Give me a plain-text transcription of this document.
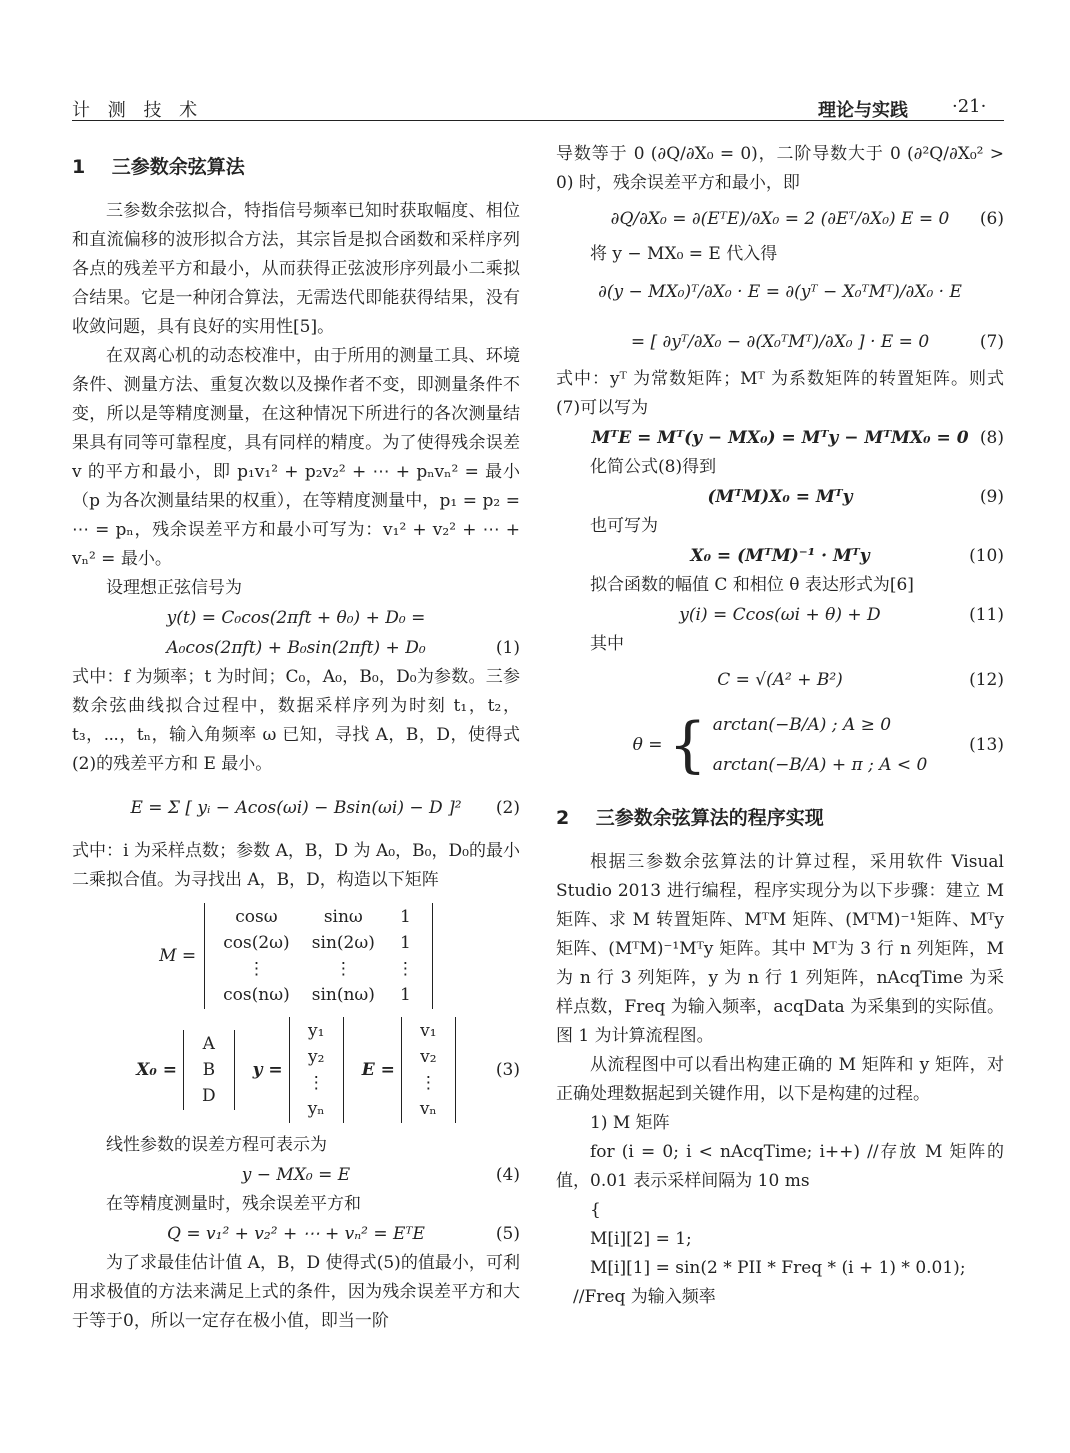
计 测 技 术	理论与实践 ·21·
1 三参数余弦算法

三参数余弦拟合，特指信号频率已知时获取幅度、相位和直流偏移的波形拟合方法，其宗旨是拟合函数和采样序列各点的残差平方和最小，从而获得正弦波形序列最小二乘拟合结果。它是一种闭合算法，无需迭代即能获得结果，没有收敛问题，具有良好的实用性[5]。

在双离心机的动态校准中，由于所用的测量工具、环境条件、测量方法、重复次数以及操作者不变，即测量条件不变，所以是等精度测量，在这种情况下所进行的各次测量结果具有同等可靠程度，具有同样的精度。为了使得残余误差 v 的平方和最小，即 p₁v₁² + p₂v₂² + ⋯ + pₙvₙ² = 最小（p 为各次测量结果的权重），在等精度测量中，p₁ = p₂ = ⋯ = pₙ，残余误差平方和最小可写为：v₁² + v₂² + ⋯ + vₙ² = 最小。

设理想正弦信号为

y(t) = C₀cos(2πft + θ₀) + D₀ =
A₀cos(2πft) + B₀sin(2πft) + D₀	(1)

式中：f 为频率；t 为时间；C₀，A₀，B₀，D₀为参数。三参数余弦曲线拟合过程中，数据采样序列为时刻 t₁，t₂，t₃，⋯，tₙ，输入角频率 ω 已知，寻找 A，B，D，使得式(2)的残差平方和 E 最小。

E = Σ [ yᵢ − Acos(ωi) − Bsin(ωi) − D ]² (2)

式中：i 为采样点数；参数 A，B，D 为 A₀，B₀，D₀的最小二乘拟合值。为寻找出 A，B，D，构造以下矩阵

M =
cosω	sinω	1
cos(2ω)	sin(2ω)	1
⋮	⋮	⋮
cos(nω)	sin(nω)	1
X₀ =
A
B
D
y =
y₁
y₂
⋮
yₙ
E =
v₁
v₂
⋮
vₙ
(3)

线性参数的误差方程可表示为

y − MX₀ = E	(4)

在等精度测量时，残余误差平方和

Q = v₁² + v₂² + ⋯ + vₙ² = EᵀE	(5)

为了求最佳估计值 A，B，D 使得式(5)的值最小，可利用求极值的方法来满足上式的条件，因为残余误差平方和大于等于0，所以一定存在极小值，即当一阶

导数等于 0 (∂Q/∂X₀ = 0)，二阶导数大于 0 (∂²Q/∂X₀² > 0) 时，残余误差平方和最小，即

∂Q/∂X₀ = ∂(EᵀE)/∂X₀ = 2 (∂Eᵀ/∂X₀) E = 0 (6)

将 y − MX₀ = E 代入得

∂(y − MX₀)ᵀ/∂X₀ · E = ∂(yᵀ − X₀ᵀMᵀ)/∂X₀ · E
= [ ∂yᵀ/∂X₀ − ∂(X₀ᵀMᵀ)/∂X₀ ] · E = 0	(7)

式中：yᵀ 为常数矩阵；Mᵀ 为系数矩阵的转置矩阵。则式(7)可以写为

MᵀE = Mᵀ(y − MX₀) = Mᵀy − MᵀMX₀ = 0 (8)

化简公式(8)得到

(MᵀM)X₀ = Mᵀy	(9)

也可写为

X₀ = (MᵀM)⁻¹ · Mᵀy	(10)

拟合函数的幅值 C 和相位 θ 表达形式为[6]

y(i) = Ccos(ωi + θ) + D	(11)

其中

C = √(A² + B²)	(12)
θ = { arctan(−B/A) ; A ≥ 0
arctan(−B/A) + π ; A < 0
(13)
2 三参数余弦算法的程序实现

根据三参数余弦算法的计算过程，采用软件 Visual Studio 2013 进行编程，程序实现分为以下步骤：建立 M 矩阵、求 M 转置矩阵、MᵀM 矩阵、(MᵀM)⁻¹矩阵、Mᵀy 矩阵、(MᵀM)⁻¹Mᵀy 矩阵。其中 Mᵀ为 3 行 n 列矩阵，M 为 n 行 3 列矩阵，y 为 n 行 1 列矩阵，nAcqTime 为采样点数，Freq 为输入频率，acqData 为采集到的实际值。图 1 为计算流程图。

从流程图中可以看出构建正确的 M 矩阵和 y 矩阵，对正确处理数据起到关键作用，以下是构建的过程。

1) M 矩阵

for (i = 0; i < nAcqTime; i++) //存放 M 矩阵的值，0.01 表示采样间隔为 10 ms

{

M[i][2] = 1;

M[i][1] = sin(2 * PII * Freq * (i + 1) * 0.01);

//Freq 为输入频率
